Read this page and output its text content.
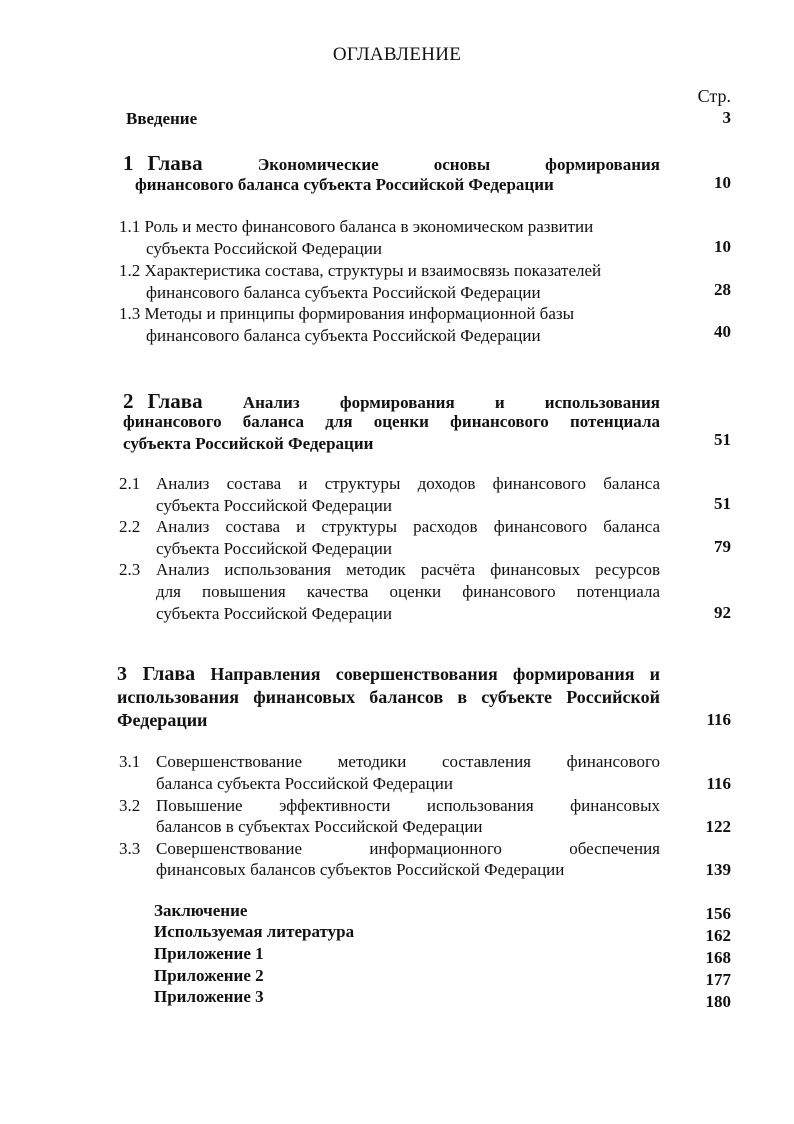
ОГЛАВЛЕНИЕ
Стр.
Введение	3
1 Глава	Экономические основы формирования
финансового баланса субъекта Российской Федерации	10
1.1 Роль и место финансового баланса в экономическом развитии
субъекта Российской Федерации	10
1.2 Характеристика состава, структуры и взаимосвязь показателей
финансового баланса субъекта Российской Федерации	28
1.3 Методы и принципы формирования информационной базы
финансового баланса субъекта Российской Федерации	40
2 Глава Анализ формирования и использования
финансового баланса для оценки финансового потенциала
субъекта Российской Федерации	51
2.1 Анализ состава и структуры доходов финансового баланса
субъекта Российской Федерации	51
2.2 Анализ состава и структуры расходов финансового баланса
субъекта Российской Федерации	79
2.3 Анализ использования методик расчёта финансовых ресурсов
для повышения качества оценки финансового потенциала
субъекта Российской Федерации	92
3 Глава Направления совершенствования формирования и
использования финансовых балансов в субъекте Российской
Федерации	116
3.1 Совершенствование методики составления финансового
баланса субъекта Российской Федерации	116
3.2 Повышение эффективности использования финансовых
балансов в субъектах Российской Федерации	122
3.3 Совершенствование информационного обеспечения
финансовых балансов субъектов Российской Федерации	139
Заключение	156
Используемая литература	162
Приложение 1	168
Приложение 2	177
Приложение 3	180
